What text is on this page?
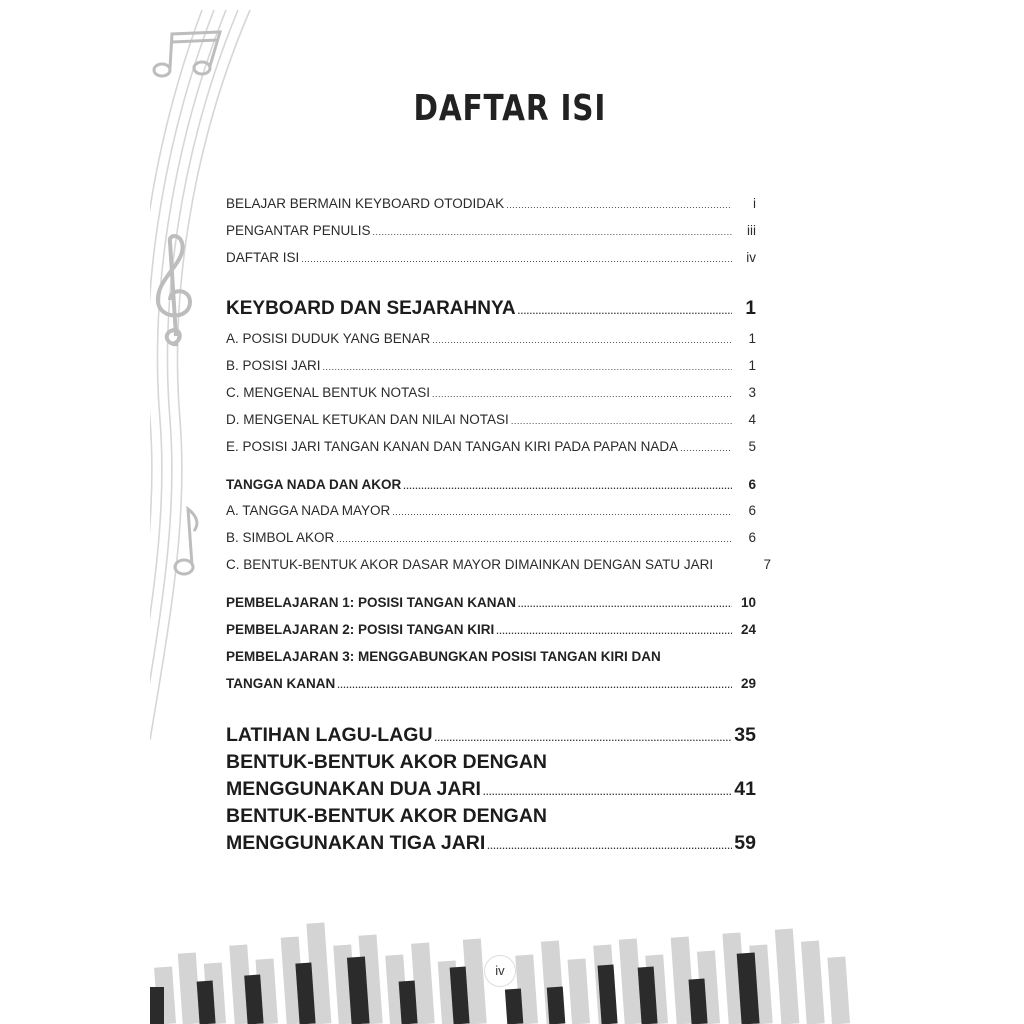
iv
DAFTAR ISI
BELAJAR BERMAIN KEYBOARD OTODIDAK .....	i
PENGANTAR PENULIS .....	iii
DAFTAR ISI .....	iv
KEYBOARD DAN SEJARAHNYA .....	1
A. POSISI DUDUK YANG BENAR .....	1
B. POSISI JARI .....	1
C. MENGENAL BENTUK NOTASI .....	3
D. MENGENAL KETUKAN DAN NILAI NOTASI .....	4
E. POSISI JARI TANGAN KANAN DAN TANGAN KIRI PADA PAPAN NADA .....	5
TANGGA NADA DAN AKOR .....	6
A. TANGGA NADA MAYOR .....	6
B. SIMBOL AKOR .....	6
C. BENTUK-BENTUK AKOR DASAR MAYOR DIMAINKAN DENGAN SATU JARI	7
PEMBELAJARAN 1: POSISI TANGAN KANAN .....	10
PEMBELAJARAN 2: POSISI TANGAN KIRI .....	24
PEMBELAJARAN 3: MENGGABUNGKAN POSISI TANGAN KIRI DAN
TANGAN KANAN .....	29
LATIHAN LAGU-LAGU .....	35
BENTUK-BENTUK AKOR DENGAN
MENGGUNAKAN DUA JARI .....	41
BENTUK-BENTUK AKOR DENGAN
MENGGUNAKAN TIGA JARI .....	59
